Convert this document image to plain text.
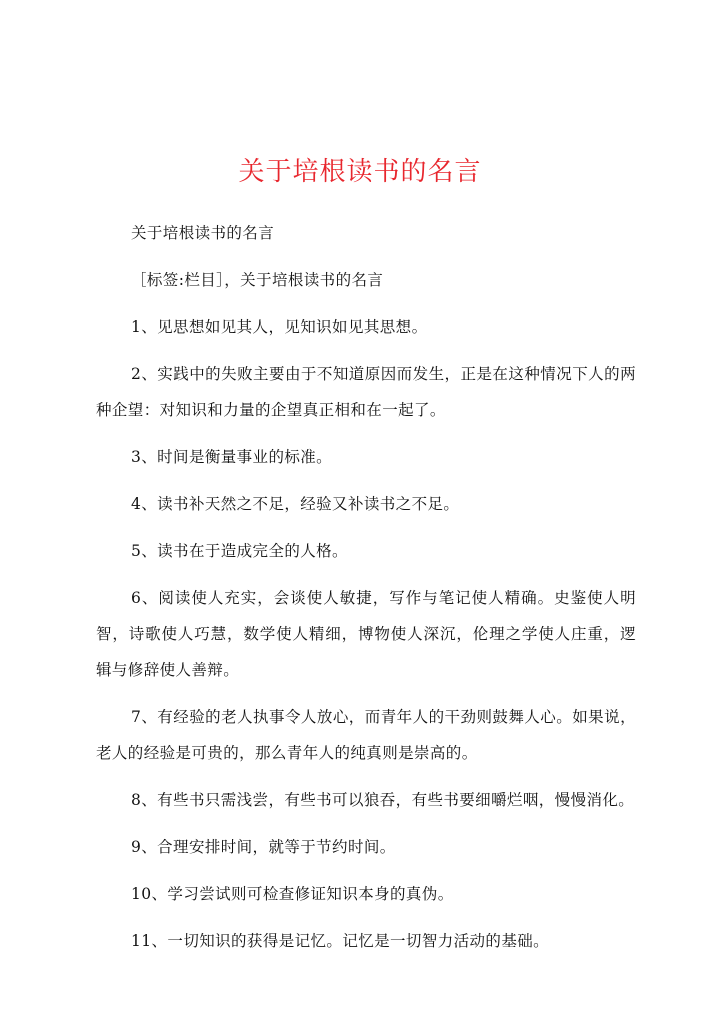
关于培根读书的名言

关于培根读书的名言

［标签:栏目］，关于培根读书的名言

1、见思想如见其人，见知识如见其思想。

2、实践中的失败主要由于不知道原因而发生，正是在这种情况下人的两种企望：对知识和力量的企望真正相和在一起了。

3、时间是衡量事业的标准。

4、读书补天然之不足，经验又补读书之不足。

5、读书在于造成完全的人格。

6、阅读使人充实，会谈使人敏捷，写作与笔记使人精确。史鉴使人明智，诗歌使人巧慧，数学使人精细，博物使人深沉，伦理之学使人庄重，逻辑与修辞使人善辩。

7、有经验的老人执事令人放心，而青年人的干劲则鼓舞人心。如果说，老人的经验是可贵的，那么青年人的纯真则是崇高的。

8、有些书只需浅尝，有些书可以狼吞，有些书要细嚼烂咽，慢慢消化。

9、合理安排时间，就等于节约时间。

10、学习尝试则可检查修证知识本身的真伪。

11、一切知识的获得是记忆。记忆是一切智力活动的基础。
